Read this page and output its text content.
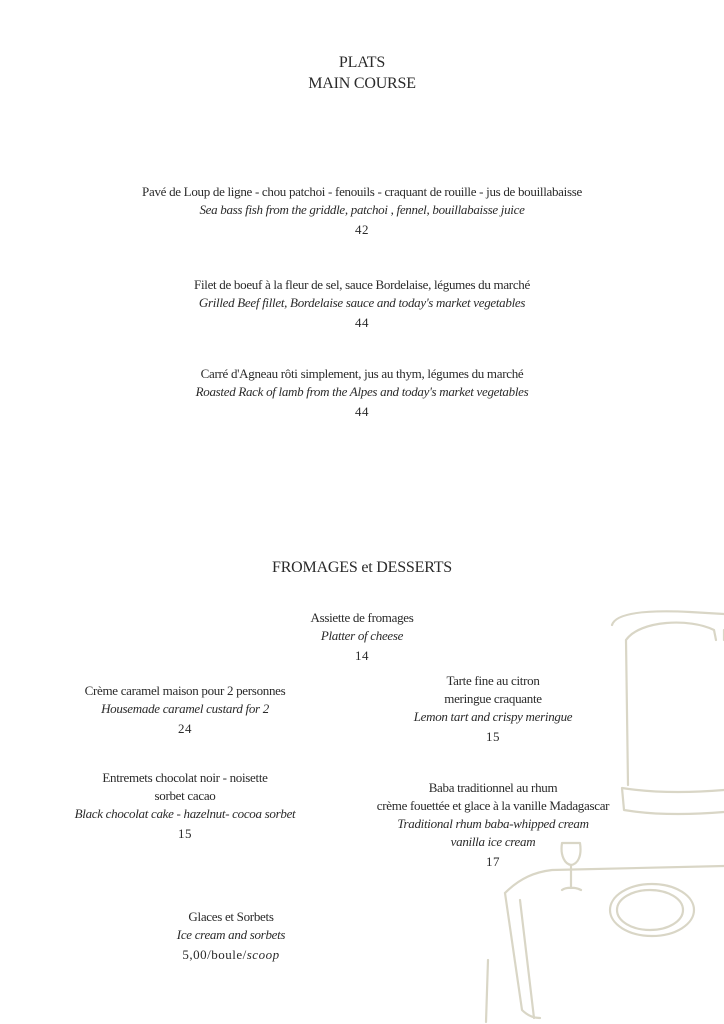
PLATS
MAIN COURSE
Pavé de Loup de ligne - chou patchoi - fenouils - craquant de rouille - jus de bouillabaisse
Sea bass fish from the griddle, patchoi , fennel, bouillabaisse juice
42
Filet de boeuf à la fleur de sel, sauce Bordelaise, légumes du marché
Grilled Beef fillet, Bordelaise sauce and today's market vegetables
44
Carré d'Agneau rôti simplement, jus au thym, légumes du marché
Roasted Rack of lamb from the Alpes and today's market vegetables
44
FROMAGES et DESSERTS
Assiette de fromages
Platter of cheese
14
Crème caramel maison pour 2 personnes
Housemade caramel custard for 2
24
Tarte fine au citron
meringue craquante
Lemon tart and crispy meringue
15
Entremets chocolat noir - noisette
sorbet cacao
Black chocolat cake - hazelnut- cocoa sorbet
15
Baba traditionnel au rhum
crème fouettée et glace à la vanille Madagascar
Traditional rhum baba-whipped cream
vanilla ice cream
17
Glaces et Sorbets
Ice cream and sorbets
5,00/boule/scoop
